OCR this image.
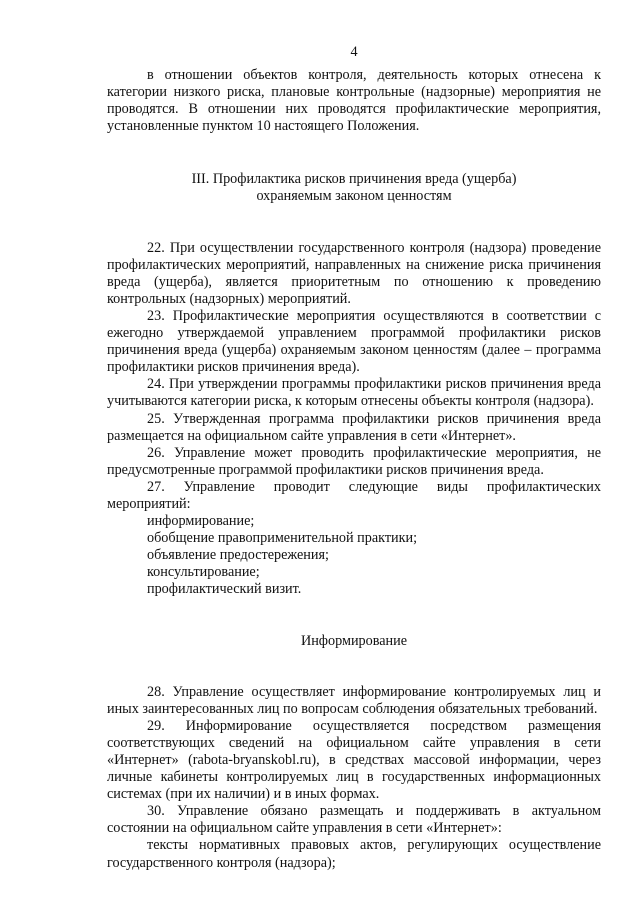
4

в отношении объектов контроля, деятельность которых отнесена к категории низкого риска, плановые контрольные (надзорные) мероприятия не проводятся. В отношении них проводятся профилактические мероприятия, установленные пунктом 10 настоящего Положения.

III. Профилактика рисков причинения вреда (ущерба)

охраняемым законом ценностям

22. При осуществлении государственного контроля (надзора) проведение профилактических мероприятий, направленных на снижение риска причинения вреда (ущерба), является приоритетным по отношению к проведению контрольных (надзорных) мероприятий.

23. Профилактические мероприятия осуществляются в соответствии с ежегодно утверждаемой управлением программой профилактики рисков причинения вреда (ущерба) охраняемым законом ценностям (далее – программа профилактики рисков причинения вреда).

24. При утверждении программы профилактики рисков причинения вреда учитываются категории риска, к которым отнесены объекты контроля (надзора).

25. Утвержденная программа профилактики рисков причинения вреда размещается на официальном сайте управления в сети «Интернет».

26. Управление может проводить профилактические мероприятия, не предусмотренные программой профилактики рисков причинения вреда.

27. Управление проводит следующие виды профилактических мероприятий:

информирование;

обобщение правоприменительной практики;

объявление предостережения;

консультирование;

профилактический визит.

Информирование

28. Управление осуществляет информирование контролируемых лиц и иных заинтересованных лиц по вопросам соблюдения обязательных требований.

29. Информирование осуществляется посредством размещения соответствующих сведений на официальном сайте управления в сети «Интернет» (rabota-bryanskobl.ru), в средствах массовой информации, через личные кабинеты контролируемых лиц в государственных информационных системах (при их наличии) и в иных формах.

30. Управление обязано размещать и поддерживать в актуальном состоянии на официальном сайте управления в сети «Интернет»:

тексты нормативных правовых актов, регулирующих осуществление государственного контроля (надзора);
